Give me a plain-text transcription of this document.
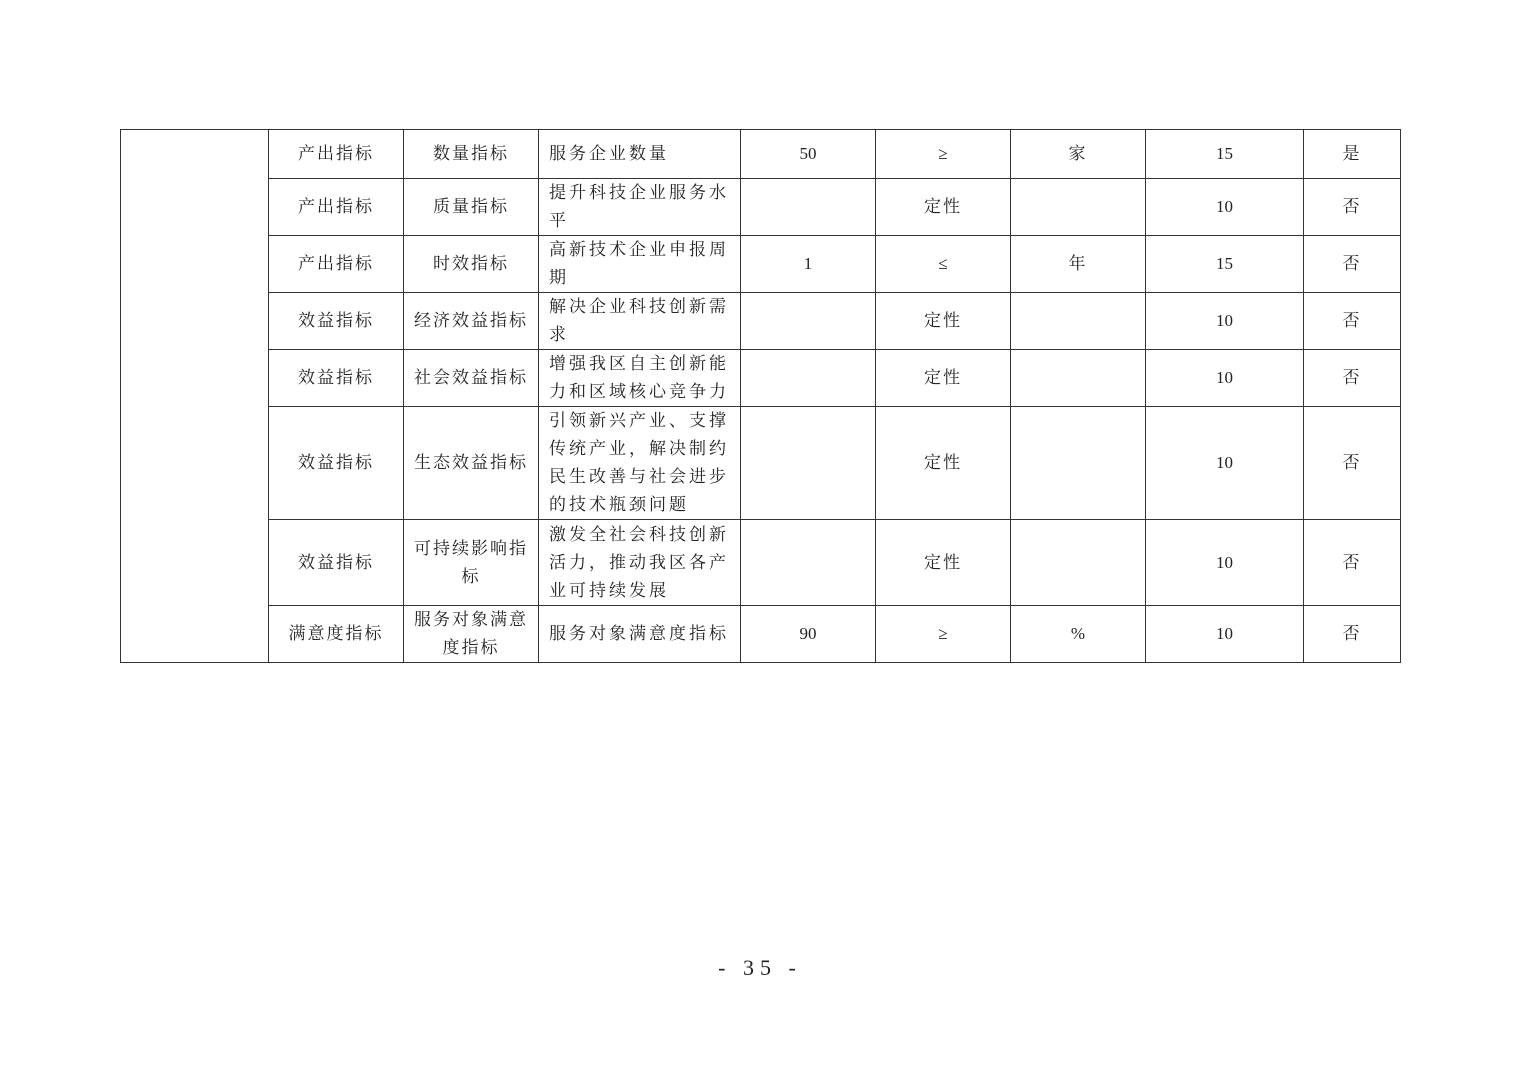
	产出指标	数量指标	服务企业数量	50	≥	家	15	是
	产出指标	质量指标	提升科技企业服务水平		定性		10	否
	产出指标	时效指标	高新技术企业申报周期	1	≤	年	15	否
	效益指标	经济效益指标	解决企业科技创新需求		定性		10	否
	效益指标	社会效益指标	增强我区自主创新能力和区域核心竞争力		定性		10	否
	效益指标	生态效益指标	引领新兴产业、支撑传统产业，解决制约民生改善与社会进步的技术瓶颈问题		定性		10	否
	效益指标	可持续影响指标	激发全社会科技创新活力，推动我区各产业可持续发展		定性		10	否
	满意度指标	服务对象满意度指标	服务对象满意度指标	90	≥	%	10	否
- 35 -
